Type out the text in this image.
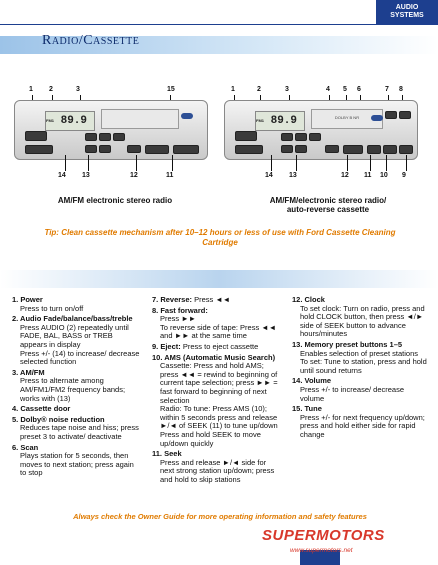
AUDIO
SYSTEMS
Radio/Cassette
1 2	3	15
$^{FM1}$ 89.9
14 13	12	11
AM/FM electronic stereo radio
1	2	3	4 5 6	7 8
DOLBY B NR
$^{FM1}$ 89.9
14 13	12 11 10 9
AM/FM/electronic stereo radio/
auto-reverse cassette
Tip: Clean cassette mechanism after 10–12 hours or less of use with Ford Cassette Cleaning Cartridge
1. Power
Press to turn on/off
2. Audio Fade/balance/bass/treble
Press AUDIO (2) repeatedly until FADE, BAL, BASS or TREB appears in display
Press +/- (14) to increase/ decrease selected function
3. AM/FM
Press to alternate among AM/FM1/FM2 frequency bands; works with (13)
4. Cassette door
5. Dolby® noise reduction
Reduces tape noise and hiss; press preset 3 to activate/ deactivate
6. Scan
Plays station for 5 seconds, then moves to next station; press again to stop
7. Reverse: Press ◄◄
8. Fast forward:
Press ►►
To reverse side of tape: Press ◄◄ and ►► at the same time
9. Eject: Press to eject cassette
10. AMS (Automatic Music Search)
Cassette: Press and hold AMS; press ◄◄ = rewind to beginning of current tape selection; press ►► = fast forward to beginning of next selection
Radio: To tune: Press AMS (10); within 5 seconds press and release ►/◄ of SEEK (11) to tune up/down
Press and hold SEEK to move up/down quickly
11. Seek
Press and release ►/◄ side for next strong station up/down; press and hold to skip stations
12. Clock
To set clock: Turn on radio, press and hold CLOCK button, then press ◄/► side of SEEK button to advance hours/minutes
13. Memory preset buttons 1–5
Enables selection of preset stations
To set: Tune to station, press and hold until sound returns
14. Volume
Press +/- to increase/ decrease volume
15. Tune
Press +/- for next frequency up/down; press and hold either side for rapid change
Always check the Owner Guide for more operating information and safety features
SUPERMOTORS
www.supermotors.net
